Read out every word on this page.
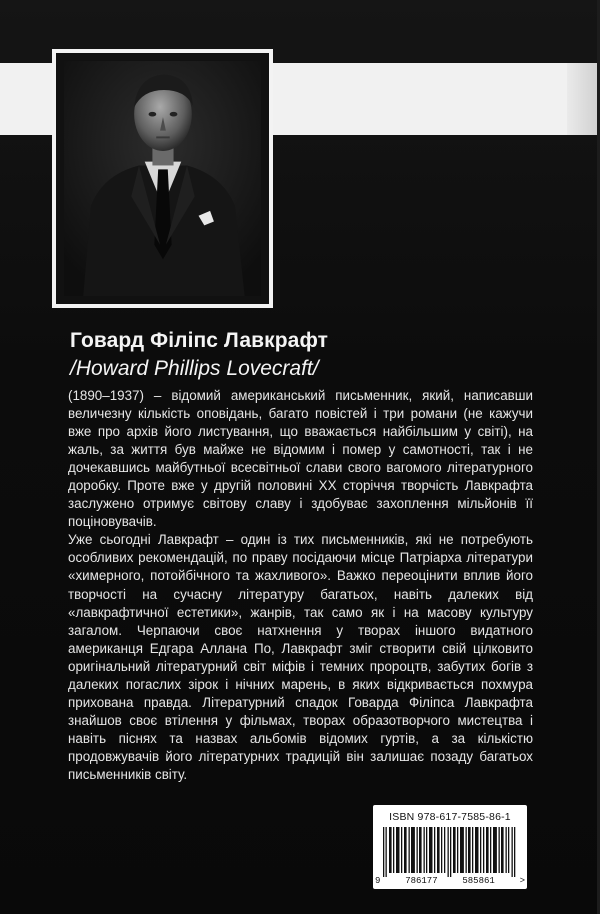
Говард Філіпс Лавкрафт
/Howard Phillips Lovecraft/

(1890–1937) – відомий американський письменник, який, написавши величезну кількість оповідань, багато повістей і три романи (не кажучи вже про архів його листування, що вважається найбільшим у світі), на жаль, за життя був майже не відомим і помер у самотності, так і не дочекавшись майбутньої всесвітньої слави свого вагомого літературного доробку. Проте вже у другій половині XX сторіччя творчість Лавкрафта заслужено отримує світову славу і здобуває захоплення мільйонів її поціновувачів.

Уже сьогодні Лавкрафт – один із тих письменників, які не потребують особливих рекомендацій, по праву посідаючи місце Патріарха літератури «химерного, потойбічного та жахливого». Важко переоцінити вплив його творчості на сучасну літературу багатьох, навіть далеких від «лавкрафтичної естетики», жанрів, так само як і на масову культуру загалом. Черпаючи своє натхнення у творах іншого видатного американця Едгара Аллана По, Лавкрафт зміг створити свій цілковито оригінальний літературний світ міфів і темних пророцтв, забутих богів з далеких погаслих зірок і нічних марень, в яких відкривається похмура прихована правда. Літературний спадок Говарда Філіпса Лавкрафта знайшов своє втілення у фільмах, творах образотворчого мистецтва і навіть піснях та назвах альбомів відомих гуртів, а за кількістю продовжувачів його літературних традицій він залишає позаду багатьох письменників світу.

ISBN 978-617-7585-86-1
9	786177	585861	>
